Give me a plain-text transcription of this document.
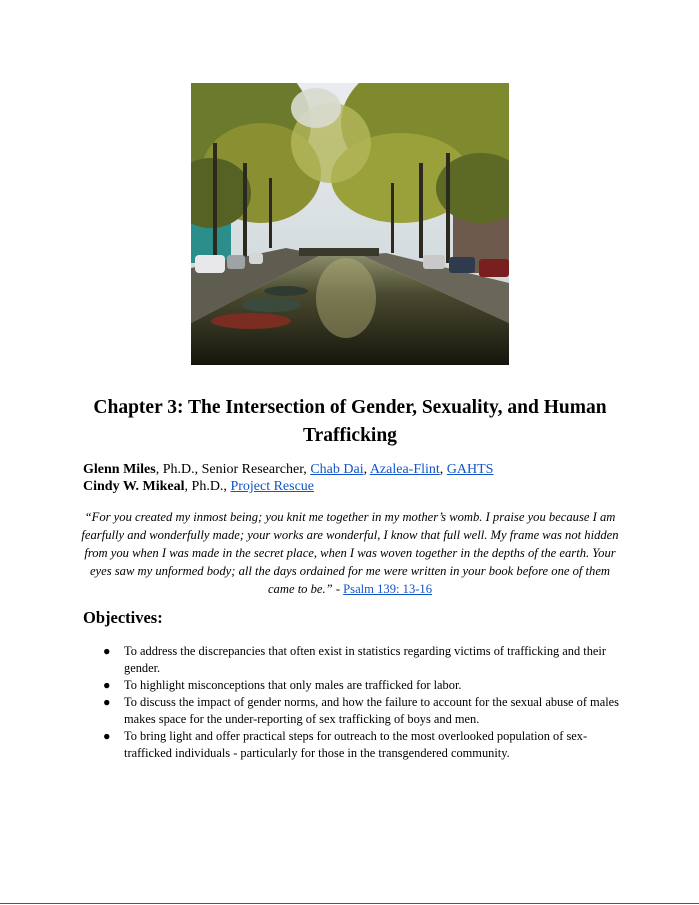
Chapter 3: The Intersection of Gender, Sexuality, and Human Trafficking
Glenn Miles, Ph.D., Senior Researcher, Chab Dai, Azalea-Flint, GAHTS
Cindy W. Mikeal, Ph.D., Project Rescue

“For you created my inmost being; you knit me together in my mother’s womb. I praise you because I am fearfully and wonderfully made; your works are wonderful, I know that full well. My frame was not hidden from you when I was made in the secret place, when I was woven together in the depths of the earth. Your eyes saw my unformed body; all the days ordained for me were written in your book before one of them came to be.” - Psalm 139: 13-16

Objectives:
● To address the discrepancies that often exist in statistics regarding victims of trafficking and their gender.
● To highlight misconceptions that only males are trafficked for labor.
● To discuss the impact of gender norms, and how the failure to account for the sexual abuse of males makes space for the under-reporting of sex trafficking of boys and men.
● To bring light and offer practical steps for outreach to the most overlooked population of sex-trafficked individuals - particularly for those in the transgendered community.
